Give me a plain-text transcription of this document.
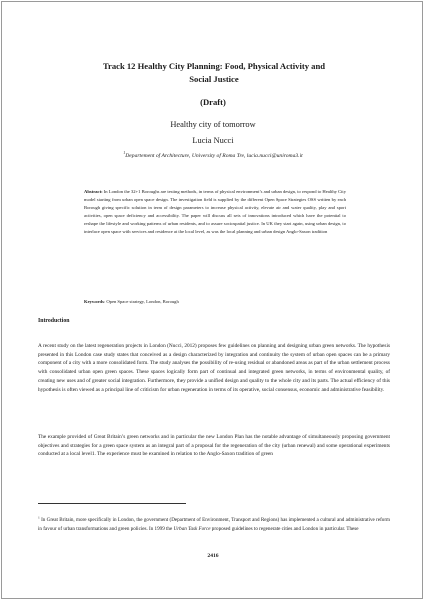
Track 12 Healthy City Planning: Food, Physical Activity and
Social Justice
(Draft)
Healthy city of tomorrow
Lucia Nucci
$^1$Departement of Architecture, University of Roma Tre, lucia.nucci@uniroma3.it
Abstract: In London the 32+1 Boroughs are testing methods, in terms of physical environment’s and urban design, to respond to Healthy City model starting from urban open space design. The investigation field is supplied by the different Open Space Strategies OSS written by each Borough giving specific solution in term of design parameters to increase physical activity, elevate air and water quality, play and sport activities, open space deficiency and accessibility. The paper will discuss all sets of innovations introduced which have the potential to reshape the lifestyle and working patterns of urban residents, and to assure sociospatial justice. In UK they start again, using urban design, to interlace open space with services and residence at the local level, as was the local planning and urban design Anglo-Saxon tradition
Keywords: Open Space strategy, London, Borough
Introduction
A recent study on the latest regeneration projects in London (Nucci, 2012) proposes few guidelines on planning and designing urban green networks. The hypothesis presented in this London case study states that conceived as a design characterized by integration and continuity the system of urban open spaces can be a primary component of a city with a more consolidated form. The study analyses the possibility of re-using residual or abandoned areas as part of the urban settlement process with consolidated urban open green spaces. These spaces logically form part of continual and integrated green networks, in terms of environmental quality, of creating new uses and of greater social integration. Furthermore, they provide a unified design and quality to the whole city and its parts. The actual efficiency of this hypothesis is often viewed as a principal line of criticism for urban regeneration in terms of its operative, social consensus, economic and administrative feasibility.
The example provided of Great Britain’s green networks and in particular the new London Plan has the notable advantage of simultaneously proposing government objectives and strategies for a green space system as an integral part of a proposal for the regeneration of the city (urban renewal) and some operational experiments conducted at a local level1. The experience must be examined in relation to the Anglo-Saxon tradition of green
$^1$ In Great Britain, more specifically in London, the government (Department of Environment, Transport and Regions) has implemented a cultural and administrative reform in favour of urban transformations and green policies. In 1999 the Urban Task Force proposed guidelines to regenerate cities and London in particular. These
2416
